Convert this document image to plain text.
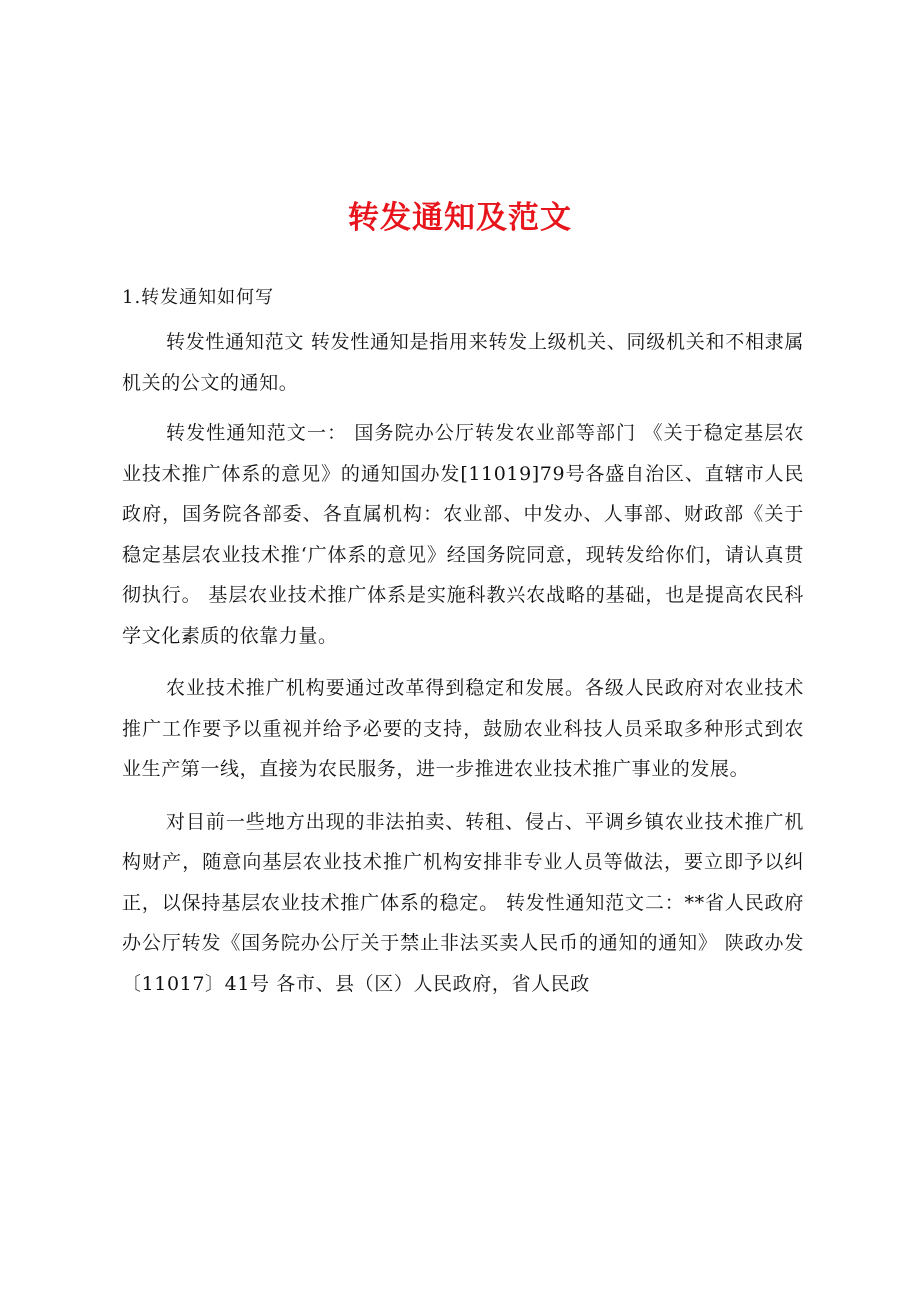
转发通知及范文
1.转发通知如何写

转发性通知范文 转发性通知是指用来转发上级机关、同级机关和不相隶属机关的公文的通知。

转发性通知范文一： 国务院办公厅转发农业部等部门 《关于稳定基层农业技术推广体系的意见》的通知国办发[11019]79号各盛自治区、直辖市人民政府，国务院各部委、各直属机构：农业部、中发办、人事部、财政部《关于稳定基层农业技术推‘广体系的意见》经国务院同意，现转发给你们，请认真贯彻执行。 基层农业技术推广体系是实施科教兴农战略的基础，也是提高农民科学文化素质的依靠力量。

农业技术推广机构要通过改革得到稳定和发展。各级人民政府对农业技术推广工作要予以重视并给予必要的支持，鼓励农业科技人员采取多种形式到农业生产第一线，直接为农民服务，进一步推进农业技术推广事业的发展。

对目前一些地方出现的非法拍卖、转租、侵占、平调乡镇农业技术推广机构财产，随意向基层农业技术推广机构安排非专业人员等做法，要立即予以纠正，以保持基层农业技术推广体系的稳定。 转发性通知范文二：**省人民政府办公厅转发《国务院办公厅关于禁止非法买卖人民币的通知的通知》 陕政办发〔11017〕41号 各市、县（区）人民政府，省人民政
